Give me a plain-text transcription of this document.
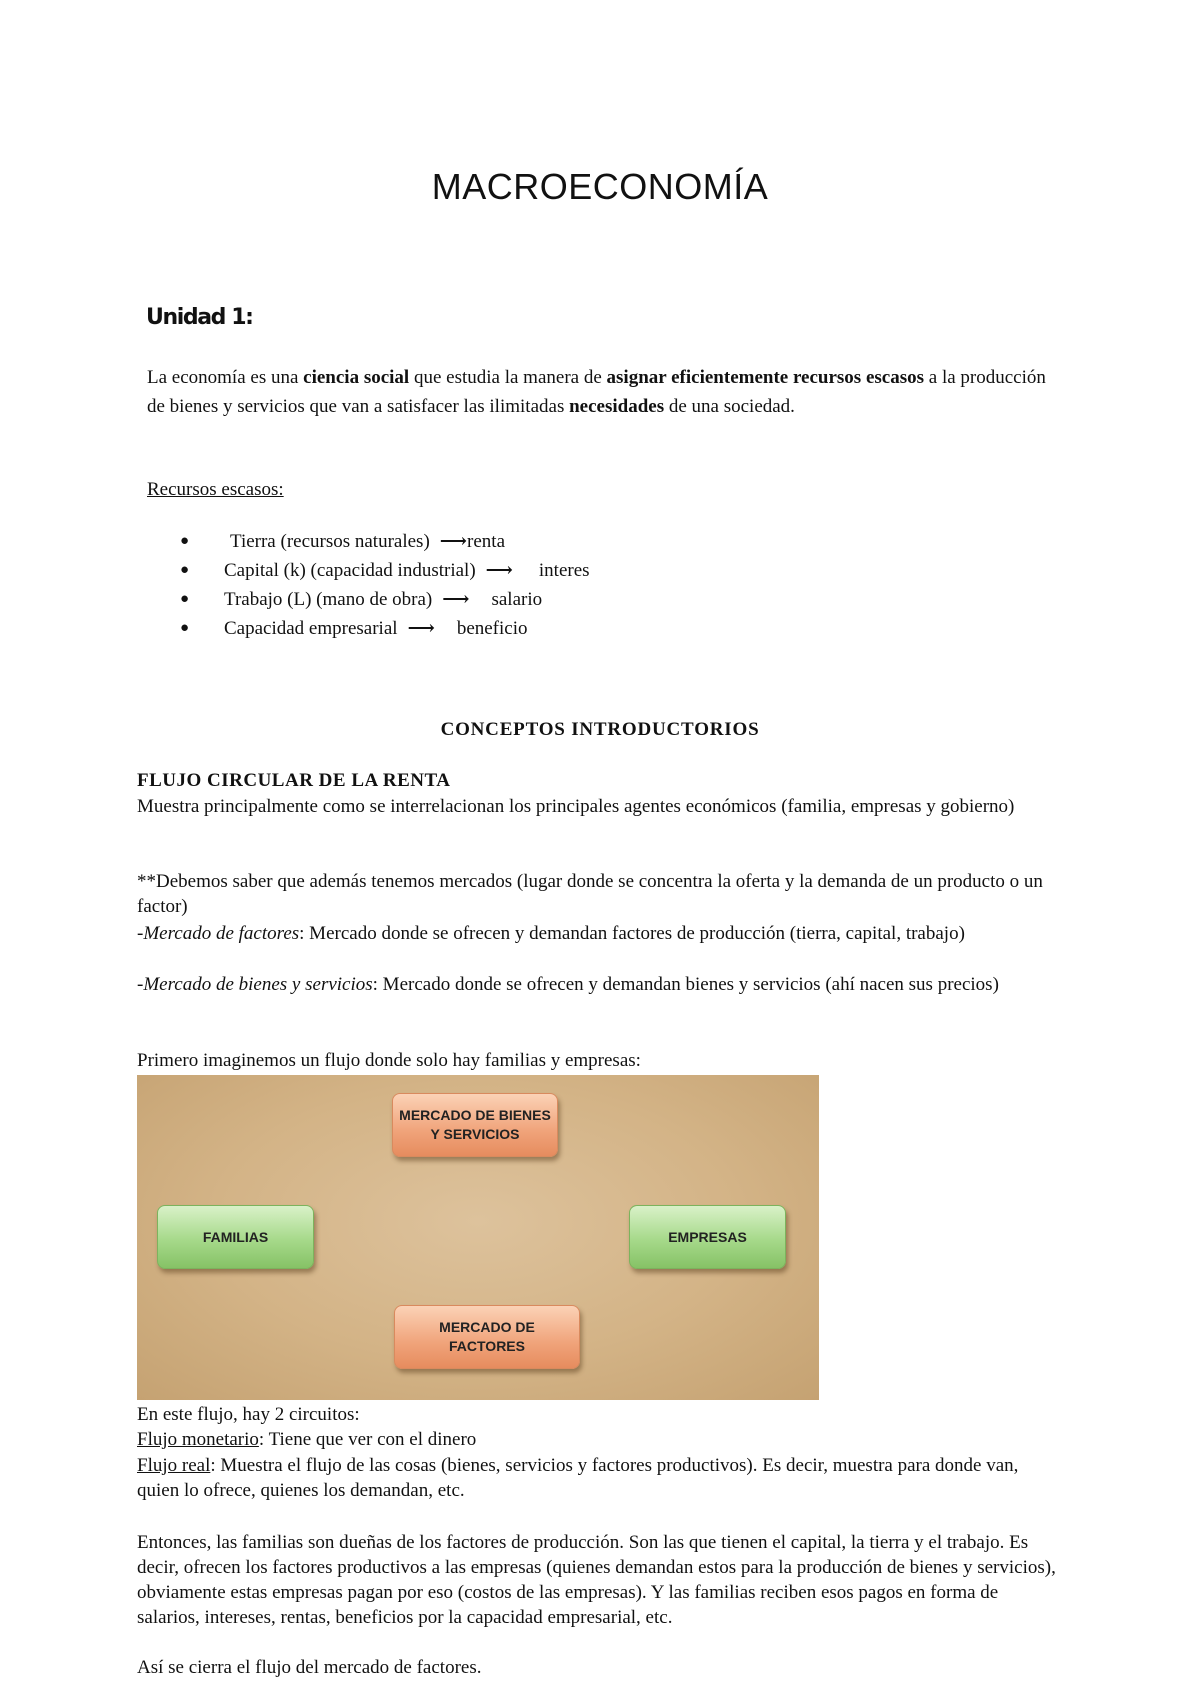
MACROECONOMÍA
Unidad 1:
La economía es una ciencia social que estudia la manera de asignar eficientemente recursos escasos a la producción de bienes y servicios que van a satisfacer las ilimitadas necesidades de una sociedad.
Recursos escasos:
●	Tierra (recursos naturales) ⟶ renta
●	Capital (k) (capacidad industrial) ⟶ interes
●	Trabajo (L) (mano de obra) ⟶ salario
●	Capacidad empresarial ⟶ beneficio
CONCEPTOS INTRODUCTORIOS
FLUJO CIRCULAR DE LA RENTA
Muestra principalmente como se interrelacionan los principales agentes económicos (familia, empresas y gobierno)
**Debemos saber que además tenemos mercados (lugar donde se concentra la oferta y la demanda de un producto o un factor)
-Mercado de factores: Mercado donde se ofrecen y demandan factores de producción (tierra, capital, trabajo)
-Mercado de bienes y servicios: Mercado donde se ofrecen y demandan bienes y servicios (ahí nacen sus precios)
Primero imaginemos un flujo donde solo hay familias y empresas:
MERCADO DE BIENES Y SERVICIOS
FAMILIAS	EMPRESAS
MERCADO DE FACTORES
En este flujo, hay 2 circuitos:
Flujo monetario: Tiene que ver con el dinero
Flujo real: Muestra el flujo de las cosas (bienes, servicios y factores productivos). Es decir, muestra para donde van, quien lo ofrece, quienes los demandan, etc.
Entonces, las familias son dueñas de los factores de producción. Son las que tienen el capital, la tierra y el trabajo. Es decir, ofrecen los factores productivos a las empresas (quienes demandan estos para la producción de bienes y servicios), obviamente estas empresas pagan por eso (costos de las empresas). Y las familias reciben esos pagos en forma de salarios, intereses, rentas, beneficios por la capacidad empresarial, etc.
Así se cierra el flujo del mercado de factores.
